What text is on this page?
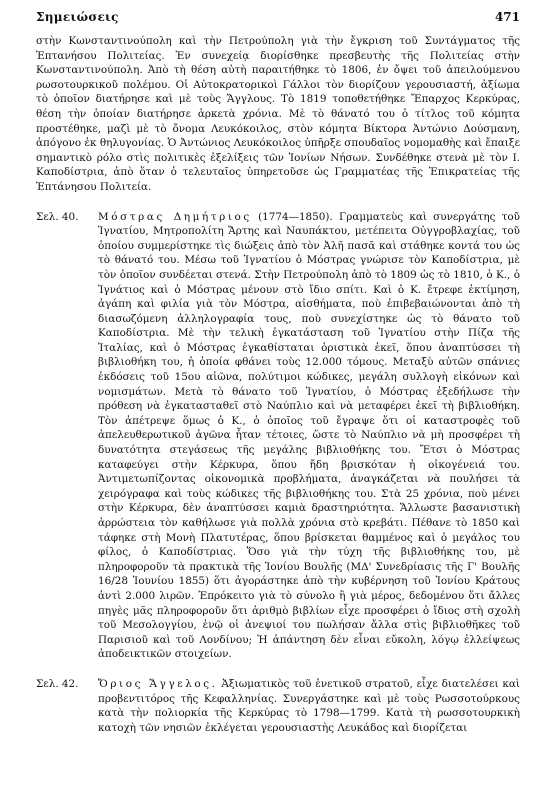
Σημειώσεις	471

στὴν Κωνσταντινούπολη καὶ τὴν Πετρούπολη γιὰ τὴν ἔγκριση τοῦ Συντάγματος τῆς Ἑπτανήσου Πολιτείας. Ἐν συνεχείᾳ διορίσθηκε πρεσβευτὴς τῆς Πολιτείας στὴν Κωνσταντινούπολη. Ἀπὸ τὴ θέση αὐτὴ παραιτήθηκε τὸ 1806, ἐν ὄψει τοῦ ἀπειλούμενου ρωσοτουρκικοῦ πολέμου. Οἱ Αὐτοκρατορικοὶ Γάλλοι τὸν διορίζουν γερουσιαστή, ἀξίωμα τὸ ὁποῖον διατήρησε καὶ μὲ τοὺς Ἄγγλους. Τὸ 1819 τοποθετήθηκε Ἔπαρχος Κερκύρας, θέση τὴν ὁποίαν διατήρησε ἀρκετὰ χρόνια. Μὲ τὸ θάνατό του ὁ τίτλος τοῦ κόμητα προστέθηκε, μαζὶ μὲ τὸ ὄνομα Λευκόκοιλος, στὸν κόμητα Βίκτορα Ἀντώνιο Δούσμανη, ἀπόγονο ἐκ θηλυγονίας. Ὁ Ἀντώνιος Λευκόκοιλος ὑπῆρξε σπουδαῖος νομομαθὴς καὶ ἔπαιξε σημαντικὸ ρόλο στὶς πολιτικὲς ἐξελίξεις τῶν Ἰονίων Νήσων. Συνδέθηκε στενὰ μὲ τὸν Ι. Καποδίστρια, ἀπὸ ὅταν ὁ τελευταῖος ὑπηρετοῦσε ὡς Γραμματέας τῆς Ἐπικρατείας τῆς Ἑπτάνησου Πολιτεία.

Σελ. 40.	Μόστρας Δημήτριος (1774—1850). Γραμματεὺς καὶ συνεργάτης τοῦ Ἰγνατίου, Μητροπολίτη Ἄρτης καὶ Ναυπάκτου, μετέπειτα Οὐγγροβλαχίας, τοῦ ὁποίου συμμερίστηκε τὶς διώξεις ἀπὸ τὸν Ἀλῆ πασᾶ καὶ στάθηκε κοντά του ὡς τὸ θάνατό του. Μέσω τοῦ Ἰγνατίου ὁ Μόστρας γνώρισε τὸν Καποδίστρια, μὲ τὸν ὁποῖον συνδέεται στενά. Στὴν Πετρούπολη ἀπὸ τὸ 1809 ὡς τὸ 1810, ὁ Κ., ὁ Ἰγνάτιος καὶ ὁ Μόστρας μένουν στὸ ἴδιο σπίτι. Καὶ ὁ Κ. ἔτρεφε ἐκτίμηση, ἀγάπη καὶ φιλία γιὰ τὸν Μόστρα, αἰσθήματα, ποὺ ἐπιβεβαιώνονται ἀπὸ τὴ διασωζόμενη ἀλληλογραφία τους, ποὺ συνεχίστηκε ὡς τὸ θάνατο τοῦ Καποδίστρια. Μὲ τὴν τελικὴ ἐγκατάσταση τοῦ Ἰγνατίου στὴν Πίζα τῆς Ἰταλίας, καὶ ὁ Μόστρας ἐγκαθίσταται ὁριστικὰ ἐκεῖ, ὅπου ἀναπτύσσει τὴ βιβλιοθήκη του, ἡ ὁποία φθάνει τοὺς 12.000 τόμους. Μεταξὺ αὐτῶν σπάνιες ἐκδόσεις τοῦ 15ου αἰῶνα, πολύτιμοι κώδικες, μεγάλη συλλογὴ εἰκόνων καὶ νομισμάτων. Μετὰ τὸ θάνατο τοῦ Ἰγνατίου, ὁ Μόστρας ἐξεδήλωσε τὴν πρόθεση νὰ ἐγκατασταθεῖ στὸ Ναύπλιο καὶ νὰ μεταφέρει ἐκεῖ τὴ βιβλιοθήκη. Τὸν ἀπέτρεψε ὅμως ὁ Κ., ὁ ὁποῖος τοῦ ἔγραψε ὅτι οἱ καταστροφὲς τοῦ ἀπελευθερωτικοῦ ἀγῶνα ἦταν τέτοιες, ὥστε τὸ Ναύπλιο νὰ μὴ προσφέρει τὴ δυνατότητα στεγάσεως τῆς μεγάλης βιβλιοθήκης του. Ἔτσι ὁ Μόστρας καταφεύγει στὴν Κέρκυρα, ὅπου ἤδη βρισκόταν ἡ οἰκογένειά του. Ἀντιμετωπίζοντας οἰκονομικὰ προβλήματα, ἀναγκάζεται νὰ πουλήσει τὰ χειρόγραφα καὶ τοὺς κώδικες τῆς βιβλιοθήκης του. Στὰ 25 χρόνια, ποὺ μένει στὴν Κέρκυρα, δὲν ἀναπτύσσει καμιὰ δραστηριότητα. Ἄλλωστε βασανιστικὴ ἀρρώστεια τὸν καθήλωσε γιὰ πολλὰ χρόνια στὸ κρεβάτι. Πέθανε τὸ 1850 καὶ τάφηκε στὴ Μονὴ Πλατυτέρας, ὅπου βρίσκεται θαμμένος καὶ ὁ μεγάλος του φίλος, ὁ Καποδίστριας. Ὅσο γιὰ τὴν τύχη τῆς βιβλιοθήκης του, μὲ πληροφοροῦν τὰ πρακτικὰ τῆς Ἰονίου Βουλῆς (ΜΔ' Συνεδρίασις τῆς Γ' Βουλῆς 16/28 Ἰουνίου 1855) ὅτι ἀγοράστηκε ἀπὸ τὴν κυβέρνηση τοῦ Ἰονίου Κράτους ἀντὶ 2.000 λιρῶν. Ἐπρόκειτο γιὰ τὸ σύνολο ἢ γιὰ μέρος, δεδομένου ὅτι ἄλλες πηγὲς μᾶς πληροφοροῦν ὅτι ἀριθμὸ βιβλίων εἶχε προσφέρει ὁ ἴδιος στὴ σχολὴ τοῦ Μεσολογγίου, ἐνῷ οἱ ἀνεψιοί του πωλήσαν ἄλλα στὶς βιβλιοθῆκες τοῦ Παρισιοῦ καὶ τοῦ Λονδίνου; Ἡ ἀπάντηση δὲν εἶναι εὔκολη, λόγῳ ἐλλείψεως ἀποδεικτικῶν στοιχείων.

Σελ. 42.	Ὄριος Ἄγγελος. Ἀξιωματικὸς τοῦ ἑνετικοῦ στρατοῦ, εἶχε διατελέσει καὶ προβεντιτόρος τῆς Κεφαλληνίας. Συνεργάστηκε καὶ μὲ τοὺς Ρωσσοτούρκους κατὰ τὴν πολιορκία τῆς Κερκύρας τὸ 1798—1799. Κατὰ τὴ ρωσσοτουρκικὴ κατοχὴ τῶν νησιῶν ἐκλέγεται γερουσιαστὴς Λευκάδος καὶ διορίζεται
